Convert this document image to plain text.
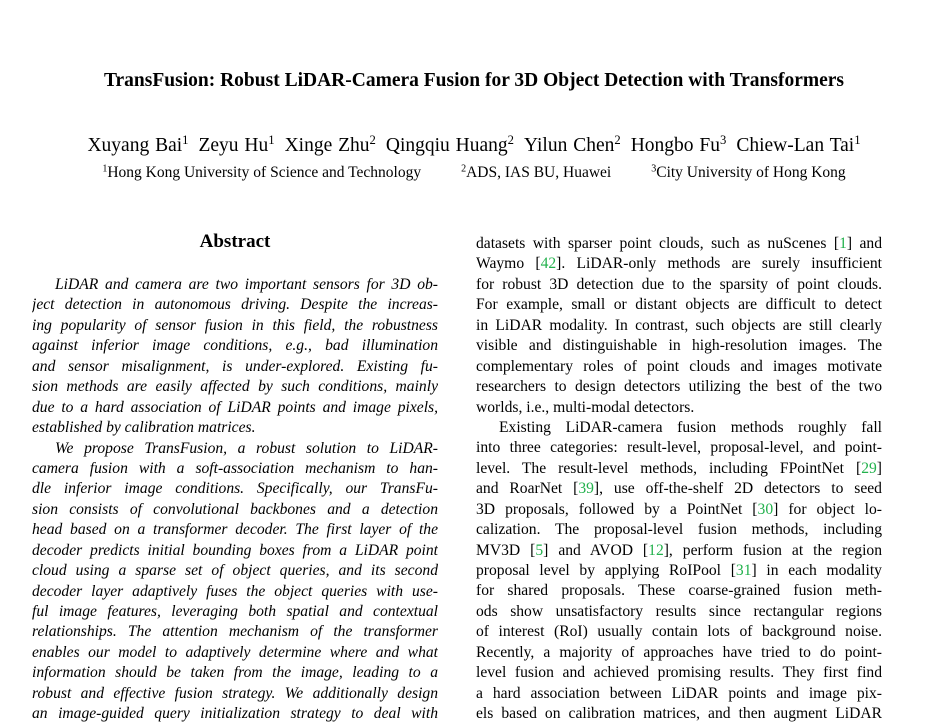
TransFusion: Robust LiDAR-Camera Fusion for 3D Object Detection with Transformers
Xuyang Bai$^1$ Zeyu Hu$^1$ Xinge Zhu$^2$ Qingqiu Huang$^2$ Yilun Chen$^2$ Hongbo Fu$^3$ Chiew-Lan Tai$^1$
$^1$Hong Kong University of Science and Technology	$^2$ADS, IAS BU, Huawei	$^3$City University of Hong Kong
Abstract
LiDAR and camera are two important sensors for 3D ob-
ject detection in autonomous driving. Despite the increas-
ing popularity of sensor fusion in this field, the robustness
against inferior image conditions, e.g., bad illumination
and sensor misalignment, is under-explored. Existing fu-
sion methods are easily affected by such conditions, mainly
due to a hard association of LiDAR points and image pixels,
established by calibration matrices.
We propose TransFusion, a robust solution to LiDAR-
camera fusion with a soft-association mechanism to han-
dle inferior image conditions. Specifically, our TransFu-
sion consists of convolutional backbones and a detection
head based on a transformer decoder. The first layer of the
decoder predicts initial bounding boxes from a LiDAR point
cloud using a sparse set of object queries, and its second
decoder layer adaptively fuses the object queries with use-
ful image features, leveraging both spatial and contextual
relationships. The attention mechanism of the transformer
enables our model to adaptively determine where and what
information should be taken from the image, leading to a
robust and effective fusion strategy. We additionally design
an image-guided query initialization strategy to deal with
datasets with sparser point clouds, such as nuScenes [1] and
Waymo [42]. LiDAR-only methods are surely insufficient
for robust 3D detection due to the sparsity of point clouds.
For example, small or distant objects are difficult to detect
in LiDAR modality. In contrast, such objects are still clearly
visible and distinguishable in high-resolution images. The
complementary roles of point clouds and images motivate
researchers to design detectors utilizing the best of the two
worlds, i.e., multi-modal detectors.
Existing LiDAR-camera fusion methods roughly fall
into three categories: result-level, proposal-level, and point-
level. The result-level methods, including FPointNet [29]
and RoarNet [39], use off-the-shelf 2D detectors to seed
3D proposals, followed by a PointNet [30] for object lo-
calization. The proposal-level fusion methods, including
MV3D [5] and AVOD [12], perform fusion at the region
proposal level by applying RoIPool [31] in each modality
for shared proposals. These coarse-grained fusion meth-
ods show unsatisfactory results since rectangular regions
of interest (RoI) usually contain lots of background noise.
Recently, a majority of approaches have tried to do point-
level fusion and achieved promising results. They first find
a hard association between LiDAR points and image pix-
els based on calibration matrices, and then augment LiDAR
